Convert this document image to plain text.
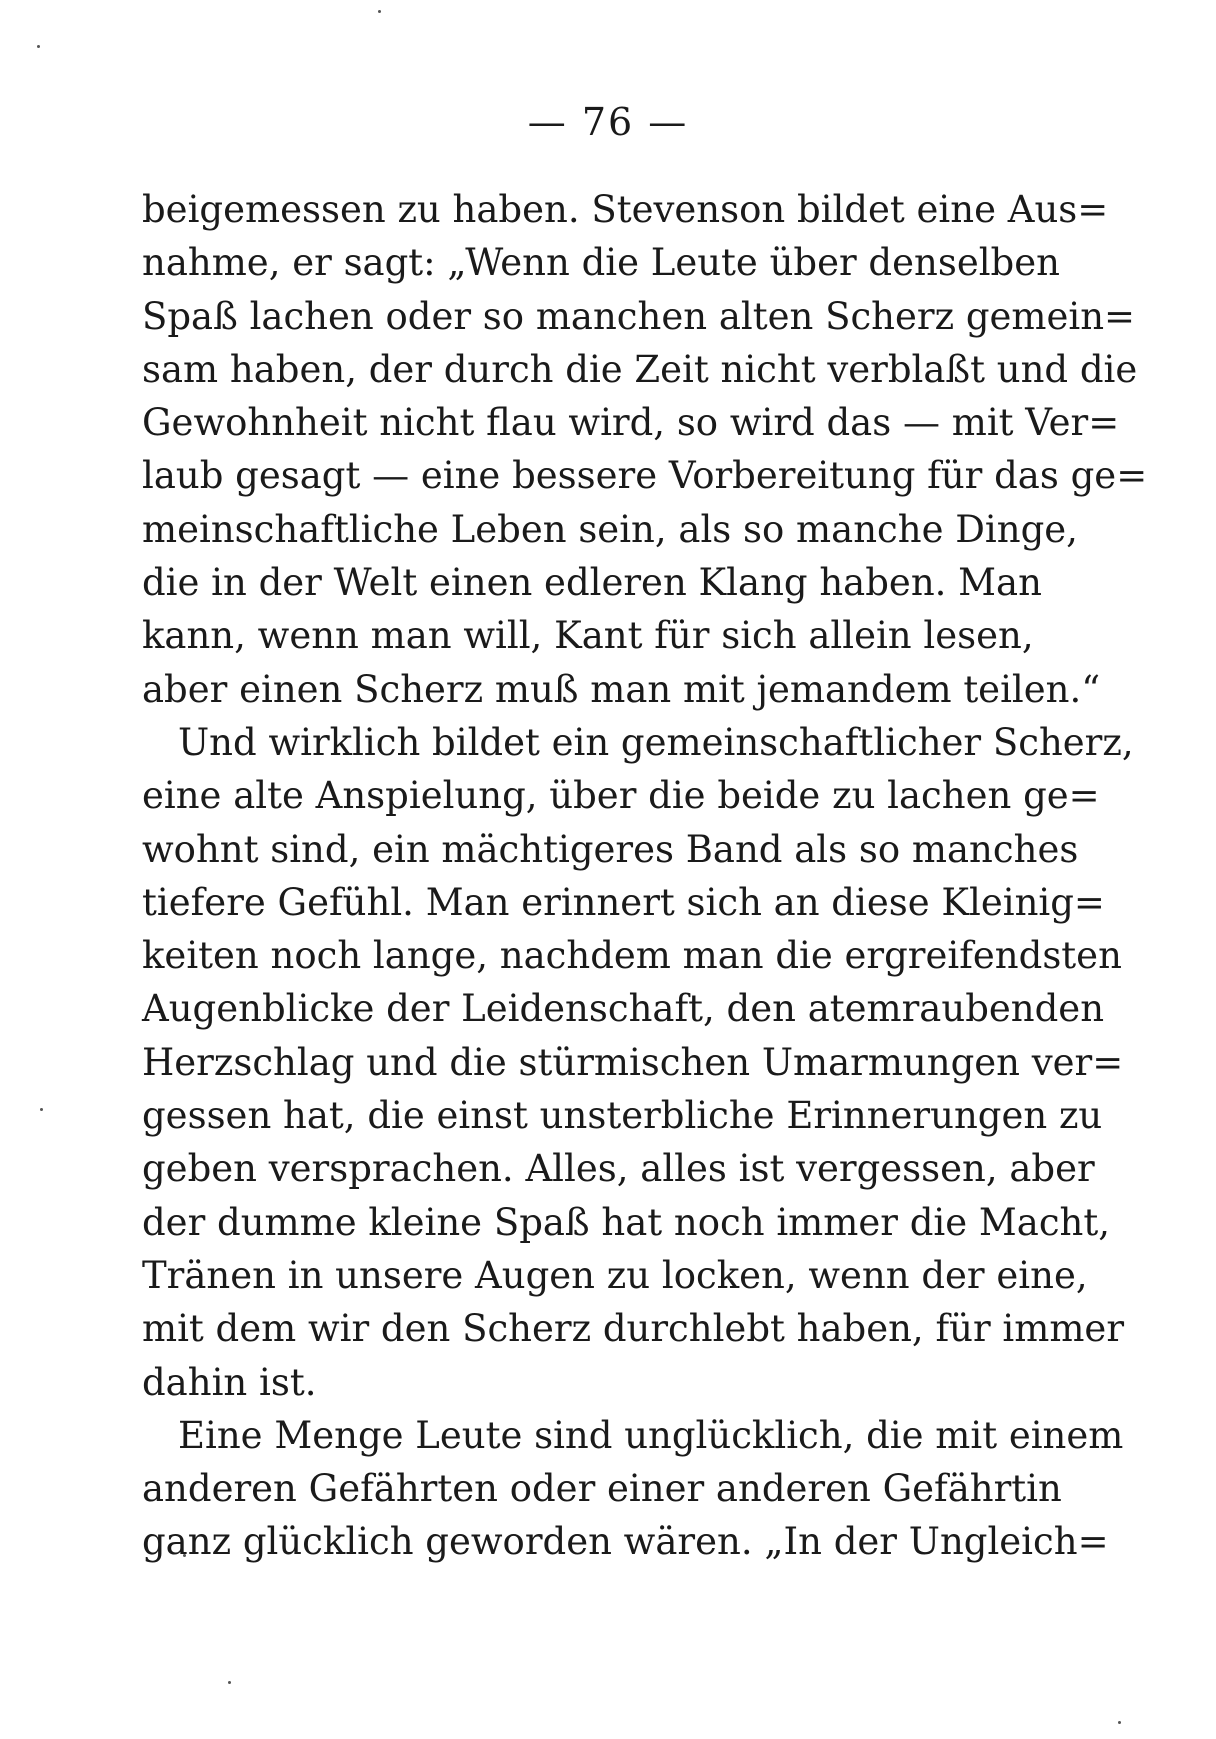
— 76 —
beigemessen zu haben. Stevenson bildet eine Aus=
nahme, er sagt: „Wenn die Leute über denselben
Spaß lachen oder so manchen alten Scherz gemein=
sam haben, der durch die Zeit nicht verblaßt und die
Gewohnheit nicht flau wird, so wird das — mit Ver=
laub gesagt — eine bessere Vorbereitung für das ge=
meinschaftliche Leben sein, als so manche Dinge,
die in der Welt einen edleren Klang haben. Man
kann, wenn man will, Kant für sich allein lesen,
aber einen Scherz muß man mit jemandem teilen.“
Und wirklich bildet ein gemeinschaftlicher Scherz,
eine alte Anspielung, über die beide zu lachen ge=
wohnt sind, ein mächtigeres Band als so manches
tiefere Gefühl. Man erinnert sich an diese Kleinig=
keiten noch lange, nachdem man die ergreifendsten
Augenblicke der Leidenschaft, den atemraubenden
Herzschlag und die stürmischen Umarmungen ver=
gessen hat, die einst unsterbliche Erinnerungen zu
geben versprachen. Alles, alles ist vergessen, aber
der dumme kleine Spaß hat noch immer die Macht,
Tränen in unsere Augen zu locken, wenn der eine,
mit dem wir den Scherz durchlebt haben, für immer
dahin ist.
Eine Menge Leute sind unglücklich, die mit einem
anderen Gefährten oder einer anderen Gefährtin
ganz glücklich geworden wären. „In der Ungleich=
